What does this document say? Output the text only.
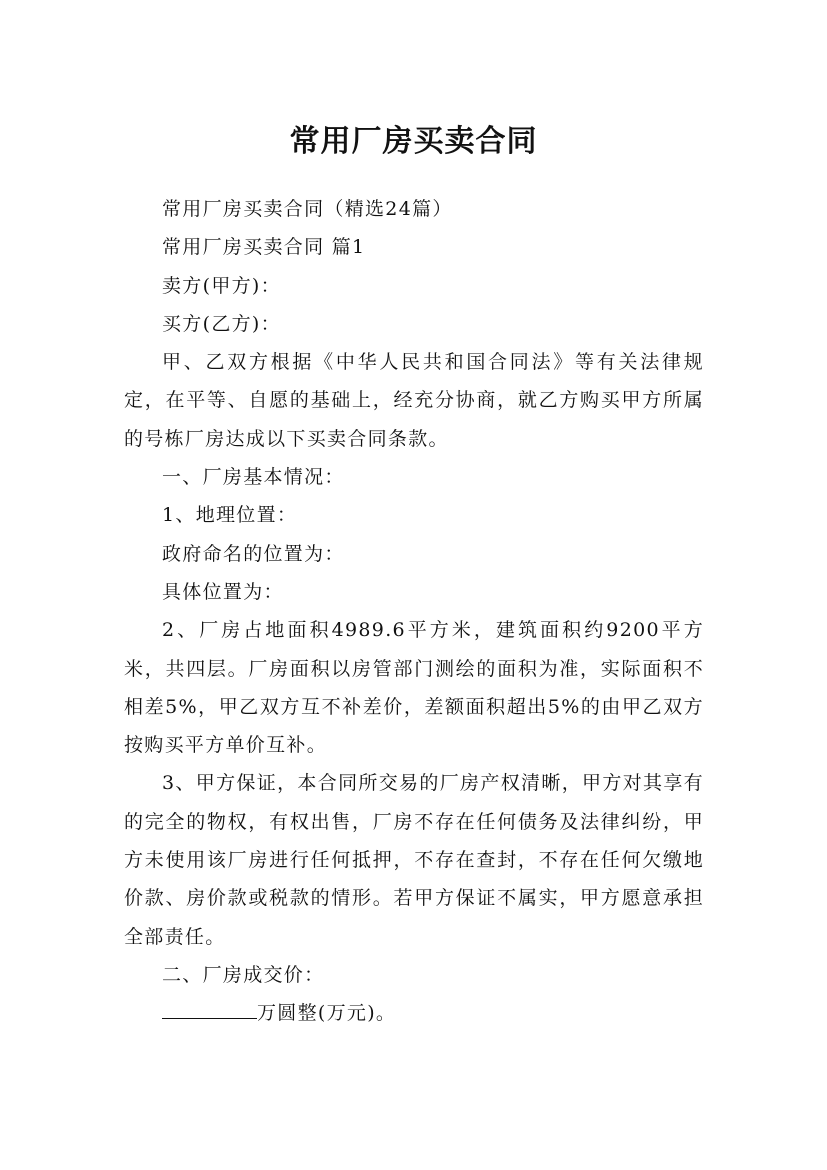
常用厂房买卖合同

常用厂房买卖合同（精选24篇）

常用厂房买卖合同 篇1

卖方(甲方)：

买方(乙方)：

甲、乙双方根据《中华人民共和国合同法》等有关法律规定，在平等、自愿的基础上，经充分协商，就乙方购买甲方所属的号栋厂房达成以下买卖合同条款。

一、厂房基本情况：

1、地理位置：

政府命名的位置为：

具体位置为：

2、厂房占地面积4989.6平方米，建筑面积约9200平方米，共四层。厂房面积以房管部门测绘的面积为准，实际面积不相差5%，甲乙双方互不补差价，差额面积超出5%的由甲乙双方按购买平方单价互补。

3、甲方保证，本合同所交易的厂房产权清晰，甲方对其享有的完全的物权，有权出售，厂房不存在任何债务及法律纠纷，甲方未使用该厂房进行任何抵押，不存在查封，不存在任何欠缴地价款、房价款或税款的情形。若甲方保证不属实，甲方愿意承担全部责任。

二、厂房成交价：

万圆整(万元)。
